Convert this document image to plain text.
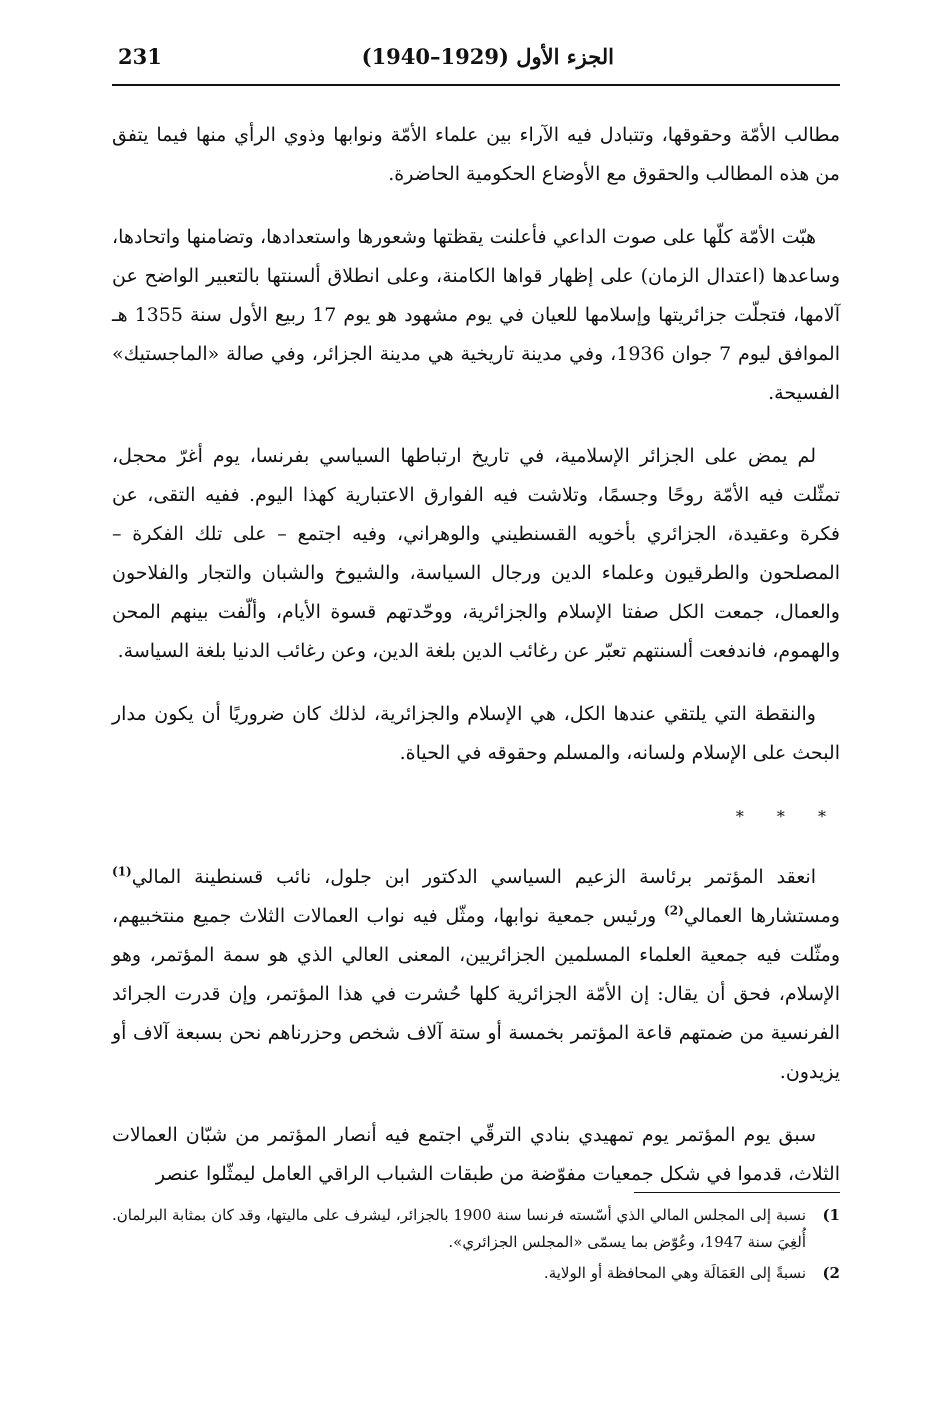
231	الجزء الأول (1929–1940)

مطالب الأمّة وحقوقها، وتتبادل فيه الآراء بين علماء الأمّة ونوابها وذوي الرأي منها فيما يتفق من هذه المطالب والحقوق مع الأوضاع الحكومية الحاضرة.

هبّت الأمّة كلّها على صوت الداعي فأعلنت يقظتها وشعورها واستعدادها، وتضامنها واتحادها، وساعدها (اعتدال الزمان) على إظهار قواها الكامنة، وعلى انطلاق ألسنتها بالتعبير الواضح عن آلامها، فتجلّت جزائريتها وإسلامها للعيان في يوم مشهود هو يوم 17 ربيع الأول سنة 1355 هـ الموافق ليوم 7 جوان 1936، وفي مدينة تاريخية هي مدينة الجزائر، وفي صالة «الماجستيك» الفسيحة.

لم يمض على الجزائر الإسلامية، في تاريخ ارتباطها السياسي بفرنسا، يوم أغرّ محجل، تمثّلت فيه الأمّة روحًا وجسمًا، وتلاشت فيه الفوارق الاعتبارية كهذا اليوم. ففيه التقى، عن فكرة وعقيدة، الجزائري بأخويه القسنطيني والوهراني، وفيه اجتمع – على تلك الفكرة – المصلحون والطرقيون وعلماء الدين ورجال السياسة، والشيوخ والشبان والتجار والفلاحون والعمال، جمعت الكل صفتا الإسلام والجزائرية، ووحّدتهم قسوة الأيام، وألّفت بينهم المحن والهموم، فاندفعت ألسنتهم تعبّر عن رغائب الدين بلغة الدين، وعن رغائب الدنيا بلغة السياسة.

والنقطة التي يلتقي عندها الكل، هي الإسلام والجزائرية، لذلك كان ضروريًا أن يكون مدار البحث على الإسلام ولسانه، والمسلم وحقوقه في الحياة.

* * *

انعقد المؤتمر برئاسة الزعيم السياسي الدكتور ابن جلول، نائب قسنطينة المالي$^{(1)}$ ومستشارها العمالي$^{(2)}$ ورئيس جمعية نوابها، ومثّل فيه نواب العمالات الثلاث جميع منتخبيهم، ومثّلت فيه جمعية العلماء المسلمين الجزائريين، المعنى العالي الذي هو سمة المؤتمر، وهو الإسلام، فحق أن يقال: إن الأمّة الجزائرية كلها حُشرت في هذا المؤتمر، وإن قدرت الجرائد الفرنسية من ضمتهم قاعة المؤتمر بخمسة أو ستة آلاف شخص وحزرناهم نحن بسبعة آلاف أو يزيدون.

سبق يوم المؤتمر يوم تمهيدي بنادي الترقّي اجتمع فيه أنصار المؤتمر من شبّان العمالات الثلاث، قدموا في شكل جمعيات مفوّضة من طبقات الشباب الراقي العامل ليمثّلوا عنصر

(1
نسبة إلى المجلس المالي الذي أسّسته فرنسا سنة 1900 بالجزائر، ليشرف على ماليتها، وقد كان بمثابة البرلمان. أُلغِيَ سنة 1947، وعُوّض بما يسمّى «المجلس الجزائري».
(2
نسبةً إلى العَمَالَة وهي المحافظة أو الولاية.
